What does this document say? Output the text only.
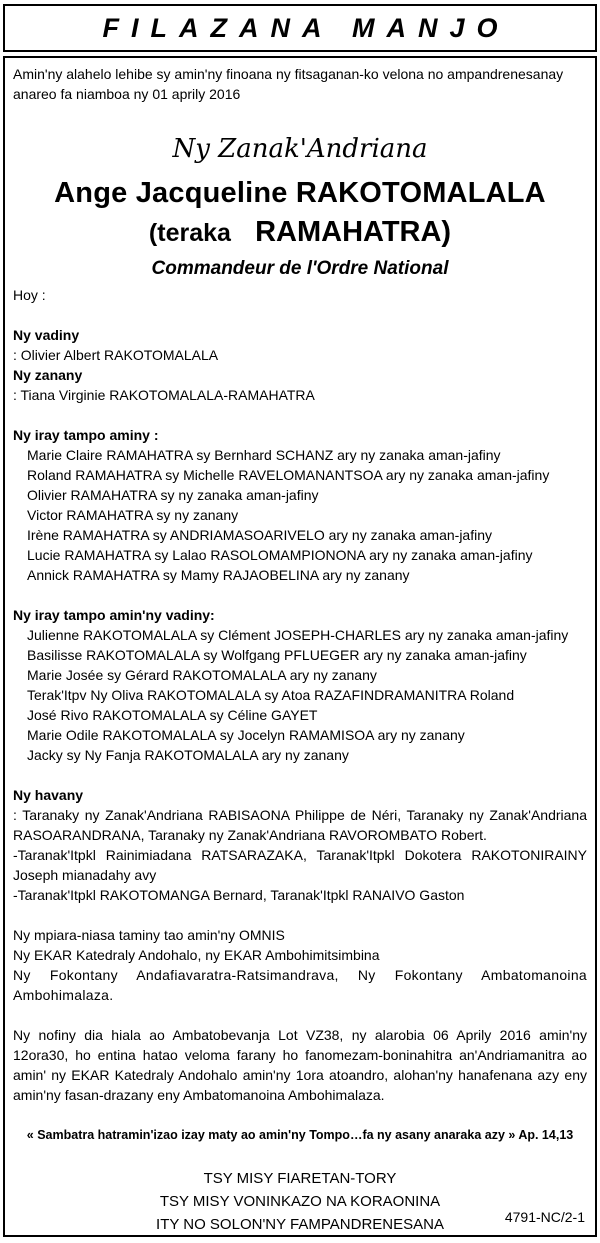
FILAZANA MANJO

Amin'ny alahelo lehibe sy amin'ny finoana ny fitsaganan-ko velona no ampandrenesanay anareo fa niamboa ny 01 aprily 2016

Ny Zanak'Andriana

Ange Jacqueline RAKOTOMALALA

(teraka RAMAHATRA)

Commandeur de l'Ordre National

Hoy :

Ny vadiny
: Olivier Albert RAKOTOMALALA

Ny zanany
: Tiana Virginie RAKOTOMALALA-RAMAHATRA

Ny iray tampo aminy :

Marie Claire RAMAHATRA sy Bernhard SCHANZ ary ny zanaka aman-jafiny

Roland RAMAHATRA sy Michelle RAVELOMANANTSOA ary ny zanaka aman-jafiny

Olivier RAMAHATRA sy ny zanaka aman-jafiny

Victor RAMAHATRA sy ny zanany

Irène RAMAHATRA sy ANDRIAMASOARIVELO ary ny zanaka aman-jafiny

Lucie RAMAHATRA sy Lalao RASOLOMAMPIONONA ary ny zanaka aman-jafiny

Annick RAMAHATRA sy Mamy RAJAOBELINA ary ny zanany

Ny iray tampo amin'ny vadiny:

Julienne RAKOTOMALALA sy Clément JOSEPH-CHARLES ary ny zanaka aman-jafiny

Basilisse RAKOTOMALALA sy Wolfgang PFLUEGER ary ny zanaka aman-jafiny

Marie Josée sy Gérard RAKOTOMALALA ary ny zanany

Terak'Itpv Ny Oliva RAKOTOMALALA sy Atoa RAZAFINDRAMANITRA Roland

José Rivo RAKOTOMALALA sy Céline GAYET

Marie Odile RAKOTOMALALA sy Jocelyn RAMAMISOA ary ny zanany

Jacky sy Ny Fanja RAKOTOMALALA ary ny zanany

Ny havany
: Taranaky ny Zanak'Andriana RABISAONA Philippe de Néri, Taranaky ny Zanak'Andriana RASOARANDRANA, Taranaky ny Zanak'Andriana RAVOROMBATO Robert.

-Taranak'Itpkl Rainimiadana RATSARAZAKA, Taranak'Itpkl Dokotera RAKOTONIRAINY Joseph mianadahy avy

-Taranak'Itpkl RAKOTOMANGA Bernard, Taranak'Itpkl RANAIVO Gaston

Ny mpiara-niasa taminy tao amin'ny OMNIS

Ny EKAR Katedraly Andohalo, ny EKAR Ambohimitsimbina

Ny Fokontany Andafiavaratra-Ratsimandrava, Ny Fokontany Ambatomanoina Ambohimalaza.

Ny nofiny dia hiala ao Ambatobevanja Lot VZ38, ny alarobia 06 Aprily 2016 amin'ny 12ora30, ho entina hatao veloma farany ho fanomezam-boninahitra an'Andriamanitra ao amin' ny EKAR Katedraly Andohalo amin'ny 1ora atoandro, alohan'ny hanafenana azy eny amin'ny fasan-drazany eny Ambatomanoina Ambohimalaza.

« Sambatra hatramin'izao izay maty ao amin'ny Tompo…fa ny asany anaraka azy » Ap. 14,13

TSY MISY FIARETAN-TORY

TSY MISY VONINKAZO NA KORAONINA

ITY NO SOLON'NY FAMPANDRENESANA	4791-NC/2-1
